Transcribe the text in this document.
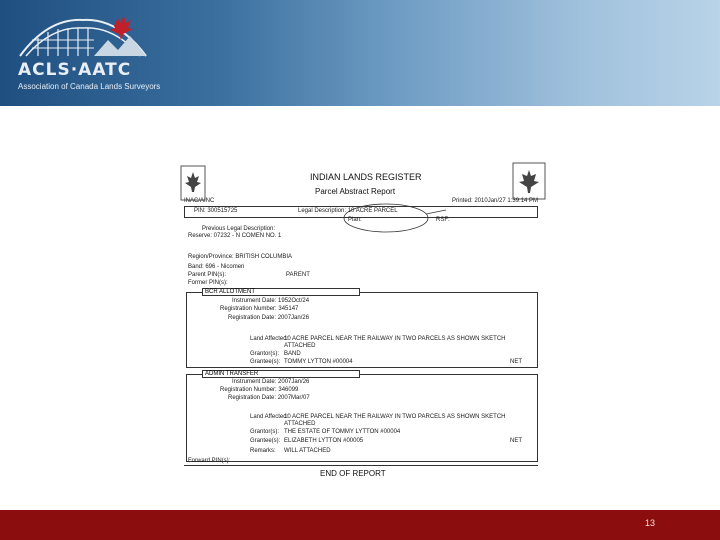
ACLS·AATC
Association of Canada Lands Surveyors
INDIAN LANDS REGISTER
Parcel Abstract Report
INAC/AINC	Printed: 2010Jan/27 1:39:14 PM
PIN: 300515725	Legal Description: 10 ACRE PARCEL
Plan:	RSF:
Previous Legal Description:
Reserve: 07232 - N COMEN NO. 1
Region/Province: BRITISH COLUMBIA
Band: 696 - Nicomen
Parent PIN(s):	PARENT
Former PIN(s):
BCR ALLOTMENT
Instrument Date: 1952Oct/24
Registration Number: 345147
Registration Date: 2007Jan/26
Land Affected:
10 ACRE PARCEL NEAR THE RAILWAY IN TWO PARCELS AS SHOWN SKETCH
ATTACHED
Grantor(s): BAND
Grantee(s): TOMMY LYTTON #00004	NET
ADMIN TRANSFER
Instrument Date: 2007Jan/26
Registration Number: 346099
Registration Date: 2007Mar/07
Land Affected:
10 ACRE PARCEL NEAR THE RAILWAY IN TWO PARCELS AS SHOWN SKETCH
ATTACHED
Grantor(s): THE ESTATE OF TOMMY LYTTON #00004
Grantee(s): ELIZABETH LYTTON #00005	NET
Remarks: WILL ATTACHED
Forward PIN(s):
END OF REPORT
13
